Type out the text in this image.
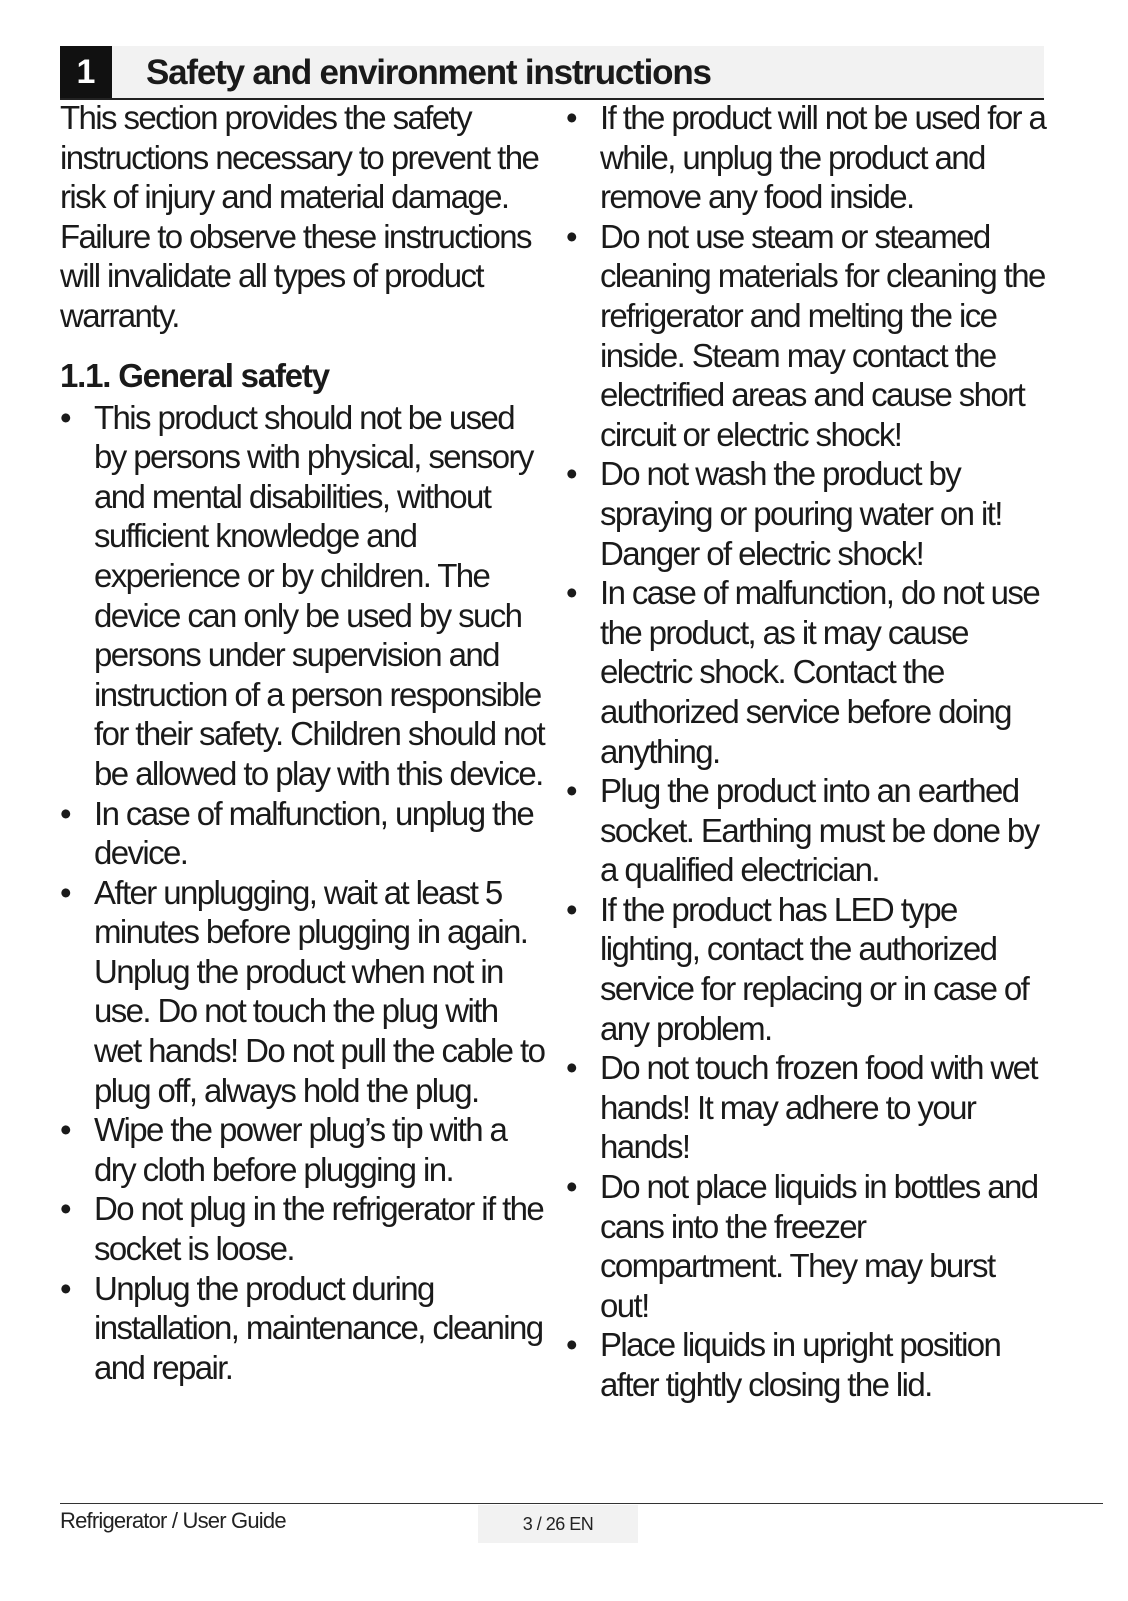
1	Safety and environment instructions

This section provides the safety instructions necessary to prevent the risk of injury and material damage. Failure to observe these instructions will invalidate all types of product warranty.

1.1. General safety
• This product should not be used by persons with physical, sensory and mental disabilities, without sufficient knowledge and experience or by children. The device can only be used by such persons under supervision and instruction of a person responsible for their safety. Children should not be allowed to play with this device.
• In case of malfunction, unplug the device.
• After unplugging, wait at least 5 minutes before plugging in again. Unplug the product when not in use. Do not touch the plug with wet hands! Do not pull the cable to plug off, always hold the plug.
• Wipe the power plug’s tip with a dry cloth before plugging in.
• Do not plug in the refrigerator if the socket is loose.
• Unplug the product during installation, maintenance, cleaning and repair.
• If the product will not be used for a while, unplug the product and remove any food inside.
• Do not use steam or steamed cleaning materials for cleaning the refrigerator and melting the ice inside. Steam may contact the electrified areas and cause short circuit or electric shock!
• Do not wash the product by spraying or pouring water on it! Danger of electric shock!
• In case of malfunction, do not use the product, as it may cause electric shock. Contact the authorized service before doing anything.
• Plug the product into an earthed socket. Earthing must be done by a qualified electrician.
• If the product has LED type lighting, contact the authorized service for replacing or in case of any problem.
• Do not touch frozen food with wet hands! It may adhere to your hands!
• Do not place liquids in bottles and cans into the freezer compartment. They may burst out!
• Place liquids in upright position after tightly closing the lid.
Refrigerator / User Guide	3 / 26 EN
